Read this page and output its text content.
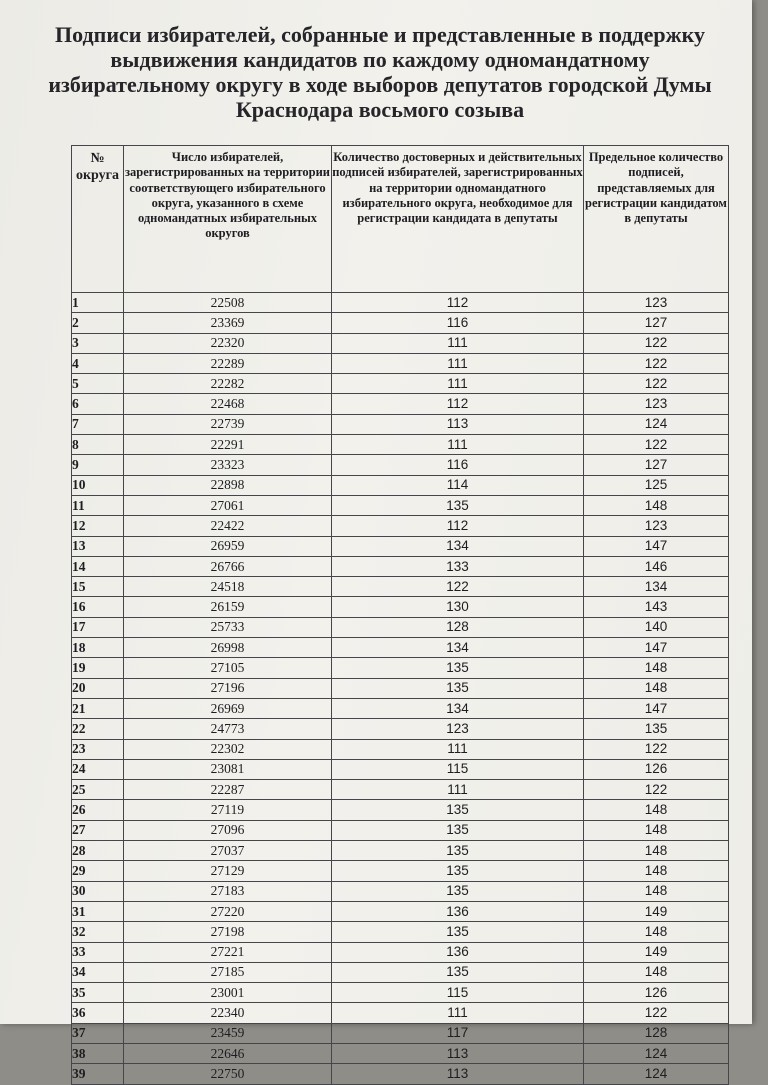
Подписи избирателей, собранные и представленные в поддержку выдвижения кандидатов по каждому одномандатному избирательному округу в ходе выборов депутатов городской Думы Краснодара восьмого созыва
№ округа	Число избирателей, зарегистрированных на территории соответствующего избирательного округа, указанного в схеме одномандатных избирательных округов	Количество достоверных и действительных подписей избирателей, зарегистрированных на территории одномандатного избирательного округа, необходимое для регистрации кандидата в депутаты	Предельное количество подписей, представляемых для регистрации кандидатом в депутаты
1	22508	112	123
2	23369	116	127
3	22320	111	122
4	22289	111	122
5	22282	111	122
6	22468	112	123
7	22739	113	124
8	22291	111	122
9	23323	116	127
10	22898	114	125
11	27061	135	148
12	22422	112	123
13	26959	134	147
14	26766	133	146
15	24518	122	134
16	26159	130	143
17	25733	128	140
18	26998	134	147
19	27105	135	148
20	27196	135	148
21	26969	134	147
22	24773	123	135
23	22302	111	122
24	23081	115	126
25	22287	111	122
26	27119	135	148
27	27096	135	148
28	27037	135	148
29	27129	135	148
30	27183	135	148
31	27220	136	149
32	27198	135	148
33	27221	136	149
34	27185	135	148
35	23001	115	126
36	22340	111	122
37	23459	117	128
38	22646	113	124
39	22750	113	124
